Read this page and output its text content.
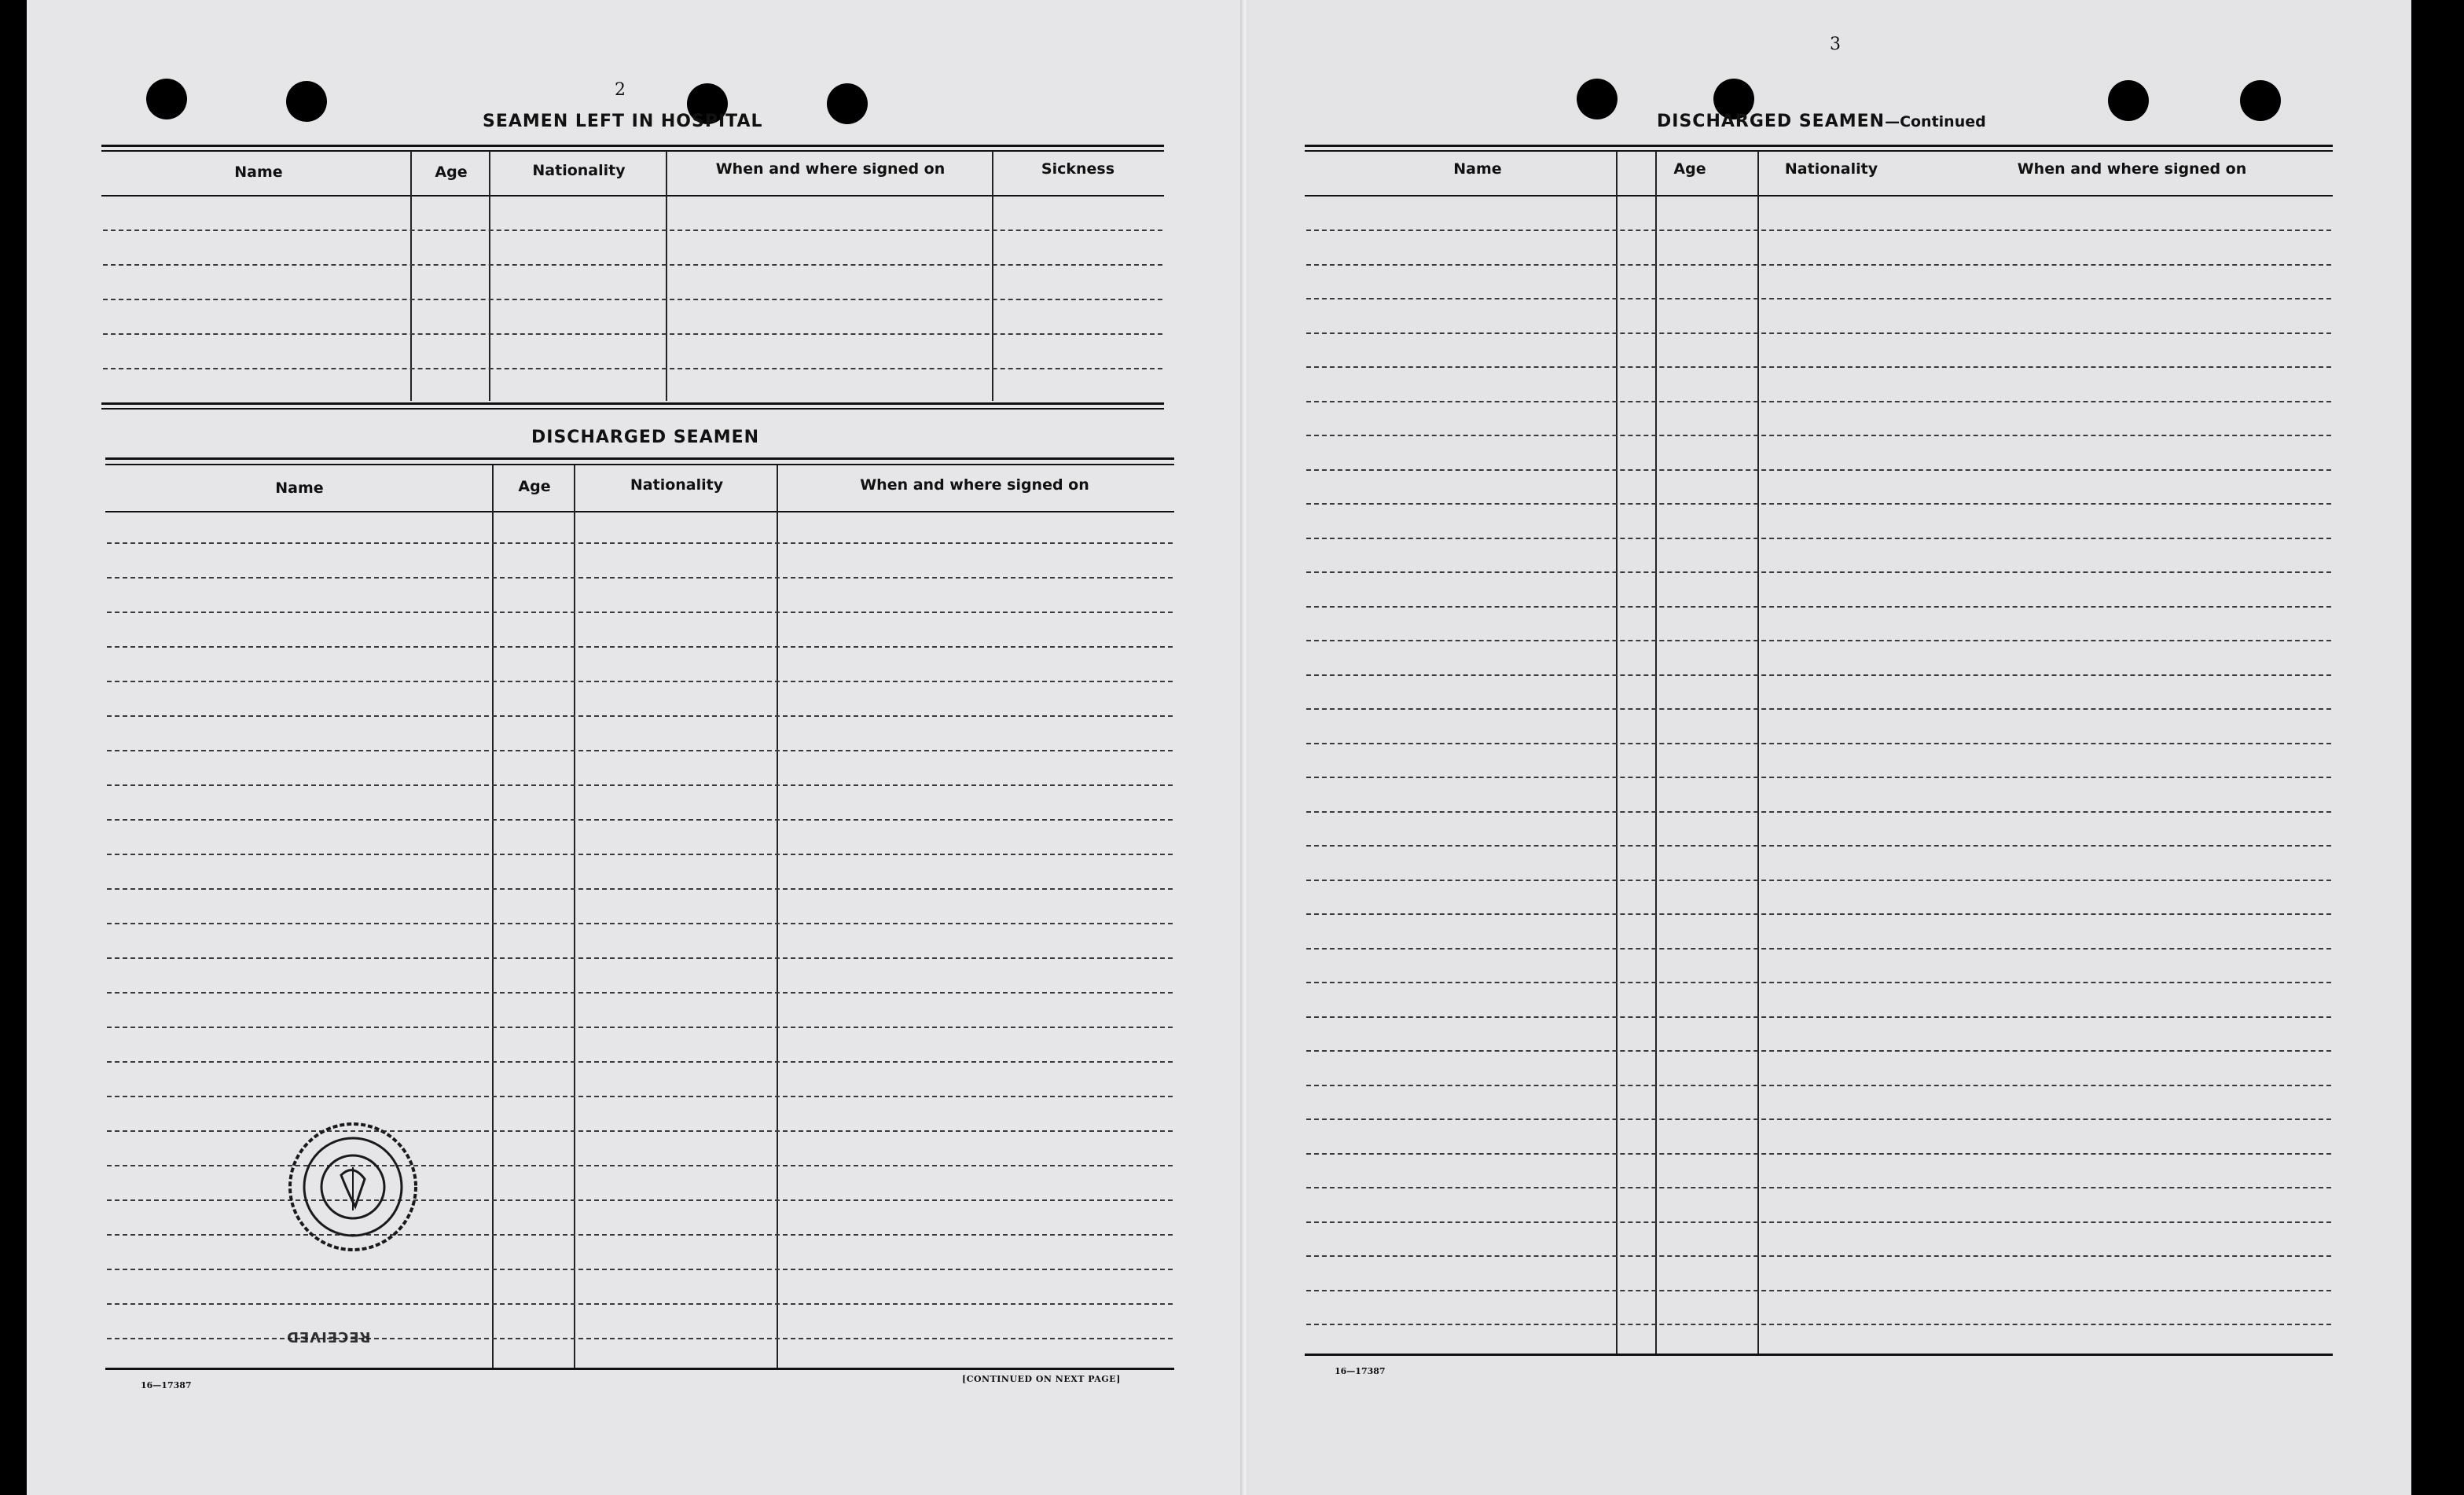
2
SEAMEN LEFT IN HOSPITAL
Name	Age	Nationality	When and where signed on	Sickness
DISCHARGED SEAMEN
Name	Age	Nationality	When and where signed on
16—17387
[CONTINUED ON NEXT PAGE]

RECEIVED
3
DISCHARGED SEAMEN—Continued
Name	Age	Nationality	When and where signed on
16—17387
